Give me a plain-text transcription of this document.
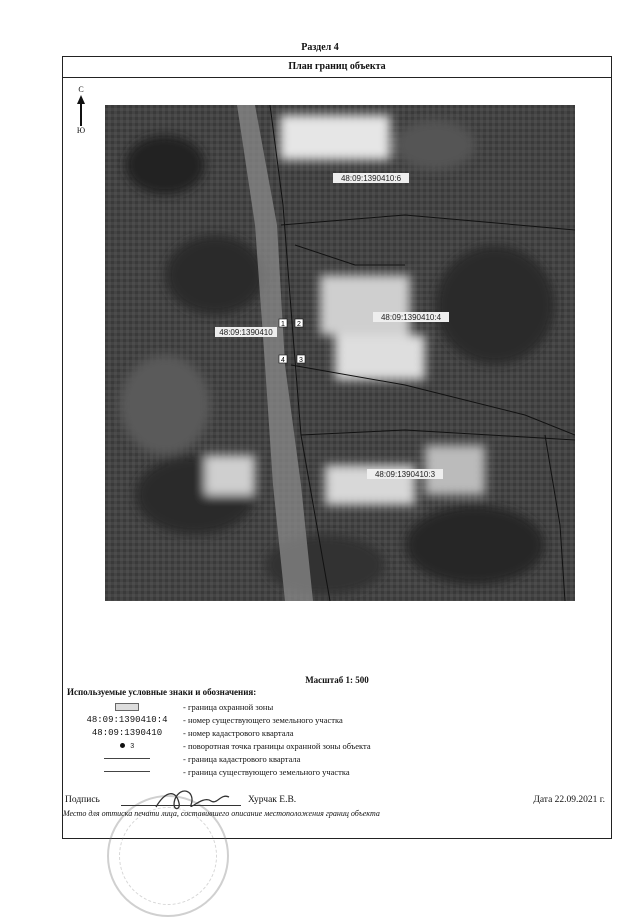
Раздел 4
План границ объекта
С
Ю
48:09:1390410:6
48:09:1390410:4
48:09:1390410
48:09:1390410:3
1 2
3
4
Масштаб 1: 500
Используемые условные знаки и обозначения:
- граница охранной зоны
48:09:1390410:4	- номер существующего земельного участка
48:09:1390410	- номер кадастрового квартала
3	- поворотная точка границы охранной зоны объекта
- граница кадастрового квартала
- граница существующего земельного участка
Подпись	Хурчак Е.В.	Дата 22.09.2021 г.
Место для оттиска печати лица, составившего описание местоположения границ объекта
